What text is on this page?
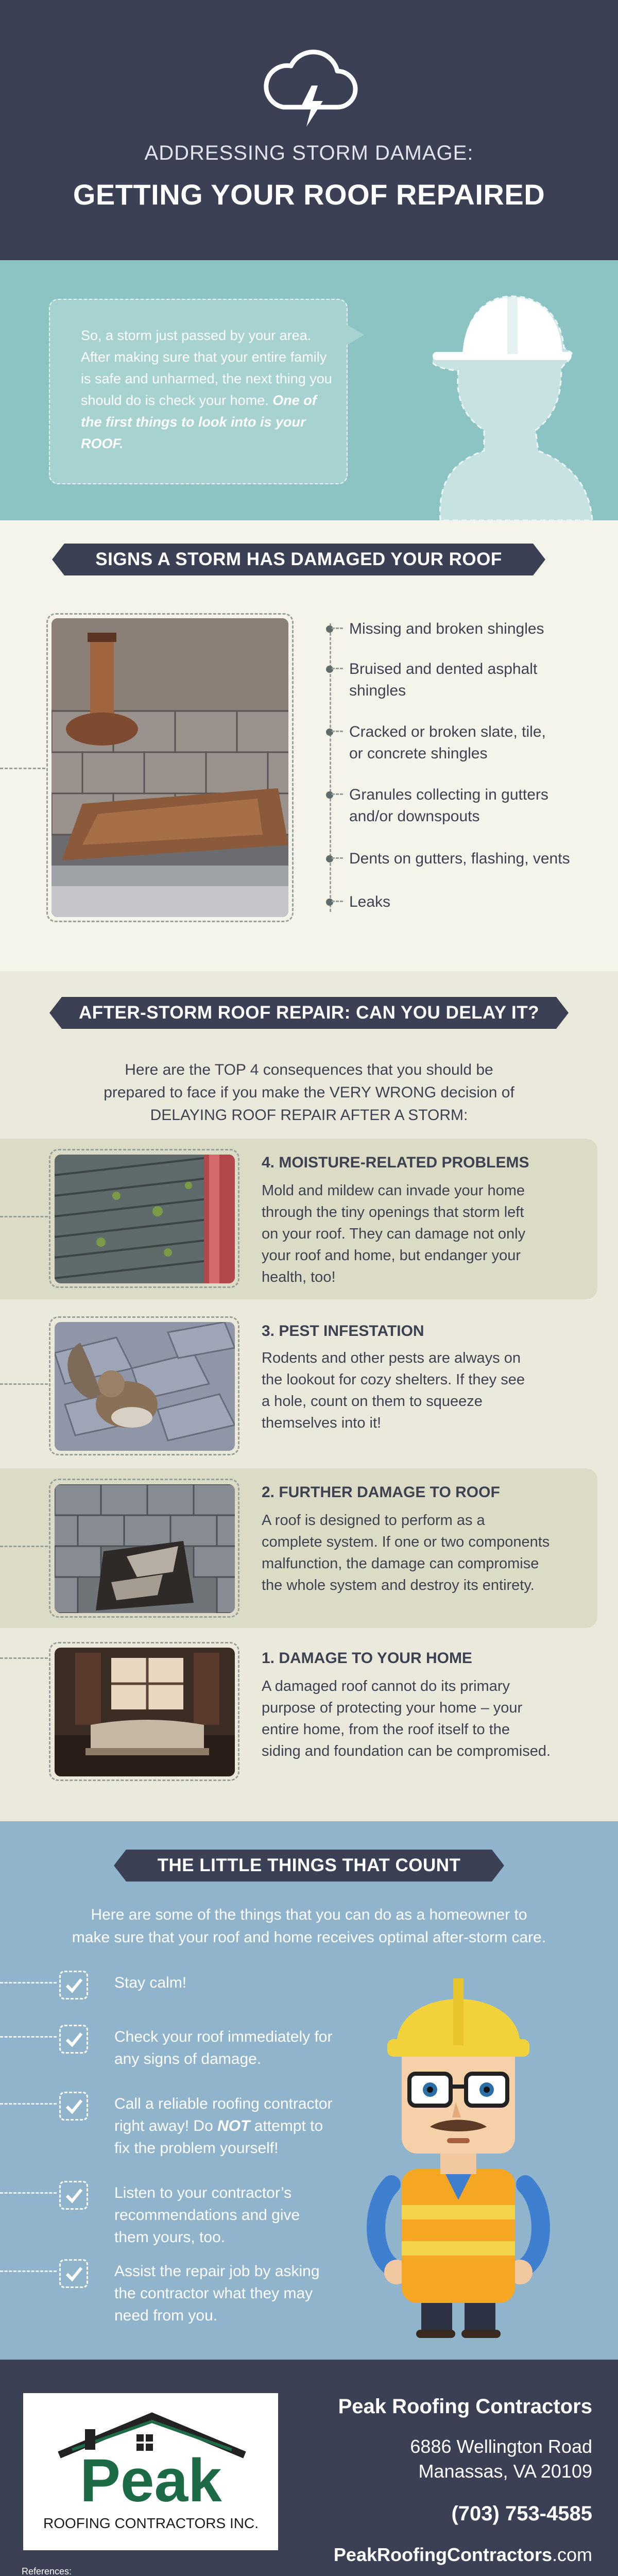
ADDRESSING STORM DAMAGE:
GETTING YOUR ROOF REPAIRED
So, a storm just passed by your area. After making sure that your entire family is safe and unharmed, the next thing you should do is check your home. One of the first things to look into is your ROOF.
SIGNS A STORM HAS DAMAGED YOUR ROOF
Missing and broken shingles
Bruised and dented asphalt
shingles
Cracked or broken slate, tile,
or concrete shingles
Granules collecting in gutters
and/or downspouts
Dents on gutters, flashing, vents
Leaks
AFTER-STORM ROOF REPAIR: CAN YOU DELAY IT?
Here are the TOP 4 consequences that you should be
prepared to face if you make the VERY WRONG decision of
DELAYING ROOF REPAIR AFTER A STORM:
4. MOISTURE-RELATED PROBLEMS

Mold and mildew can invade your home
through the tiny openings that storm left
on your roof. They can damage not only
your roof and home, but endanger your
health, too!

3. PEST INFESTATION

Rodents and other pests are always on
the lookout for cozy shelters. If they see
a hole, count on them to squeeze
themselves into it!

2. FURTHER DAMAGE TO ROOF

A roof is designed to perform as a
complete system. If one or two components
malfunction, the damage can compromise
the whole system and destroy its entirety.

1. DAMAGE TO YOUR HOME

A damaged roof cannot do its primary
purpose of protecting your home – your
entire home, from the roof itself to the
siding and foundation can be compromised.

THE LITTLE THINGS THAT COUNT
Here are some of the things that you can do as a homeowner to
make sure that your roof and home receives optimal after-storm care.
Stay calm!
Check your roof immediately for
any signs of damage.
Call a reliable roofing contractor
right away! Do NOT attempt to
fix the problem yourself!
Listen to your contractor’s
recommendations and give
them yours, too.
Assist the repair job by asking
the contractor what they may
need from you.
Peak
ROOFING CONTRACTORS INC.
Peak Roofing Contractors
6886 Wellington Road
Manassas, VA 20109
(703) 753-4585
PeakRoofingContractors.com
References:
